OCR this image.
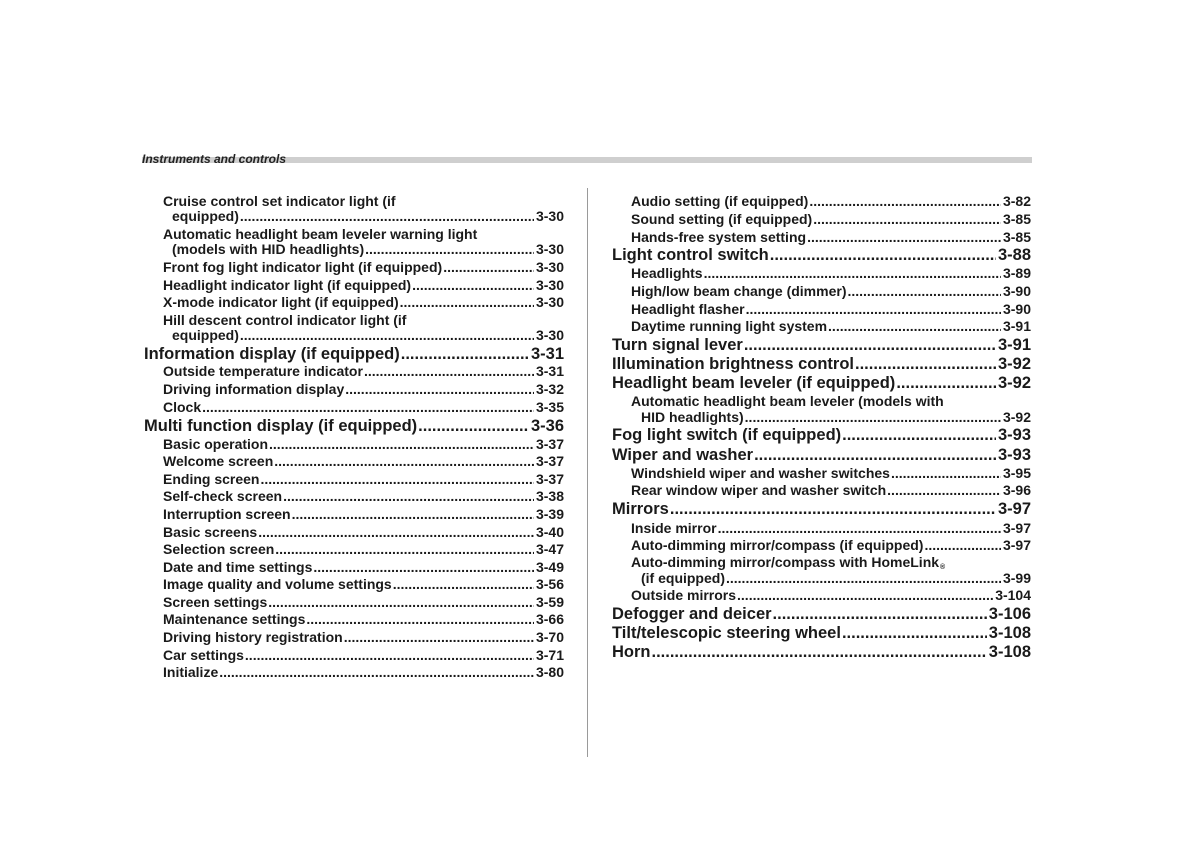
Instruments and controls
Cruise control set indicator light (if
equipped) .....	3-30
Automatic headlight beam leveler warning light
(models with HID headlights) .....	3-30
Front fog light indicator light (if equipped) .....	3-30
Headlight indicator light (if equipped) .....	3-30
X-mode indicator light (if equipped) .....	3-30
Hill descent control indicator light (if
equipped) .....	3-30
Information display (if equipped) .....	3-31
Outside temperature indicator .....	3-31
Driving information display .....	3-32
Clock .....	3-35
Multi function display (if equipped) .....	3-36
Basic operation .....	3-37
Welcome screen .....	3-37
Ending screen .....	3-37
Self-check screen .....	3-38
Interruption screen .....	3-39
Basic screens .....	3-40
Selection screen .....	3-47
Date and time settings .....	3-49
Image quality and volume settings .....	3-56
Screen settings .....	3-59
Maintenance settings .....	3-66
Driving history registration .....	3-70
Car settings .....	3-71
Initialize .....	3-80
Audio setting (if equipped) .....	3-82
Sound setting (if equipped) .....	3-85
Hands-free system setting .....	3-85
Light control switch .....	3-88
Headlights .....	3-89
High/low beam change (dimmer) .....	3-90
Headlight flasher .....	3-90
Daytime running light system .....	3-91
Turn signal lever .....	3-91
Illumination brightness control .....	3-92
Headlight beam leveler (if equipped) .....	3-92
Automatic headlight beam leveler (models with
HID headlights) .....	3-92
Fog light switch (if equipped) .....	3-93
Wiper and washer .....	3-93
Windshield wiper and washer switches .....	3-95
Rear window wiper and washer switch .....	3-96
Mirrors .....	3-97
Inside mirror .....	3-97
Auto-dimming mirror/compass (if equipped) .....	3-97
Auto-dimming mirror/compass with HomeLink®
(if equipped) .....	3-99
Outside mirrors .....	3-104
Defogger and deicer .....	3-106
Tilt/telescopic steering wheel .....	3-108
Horn .....	3-108
